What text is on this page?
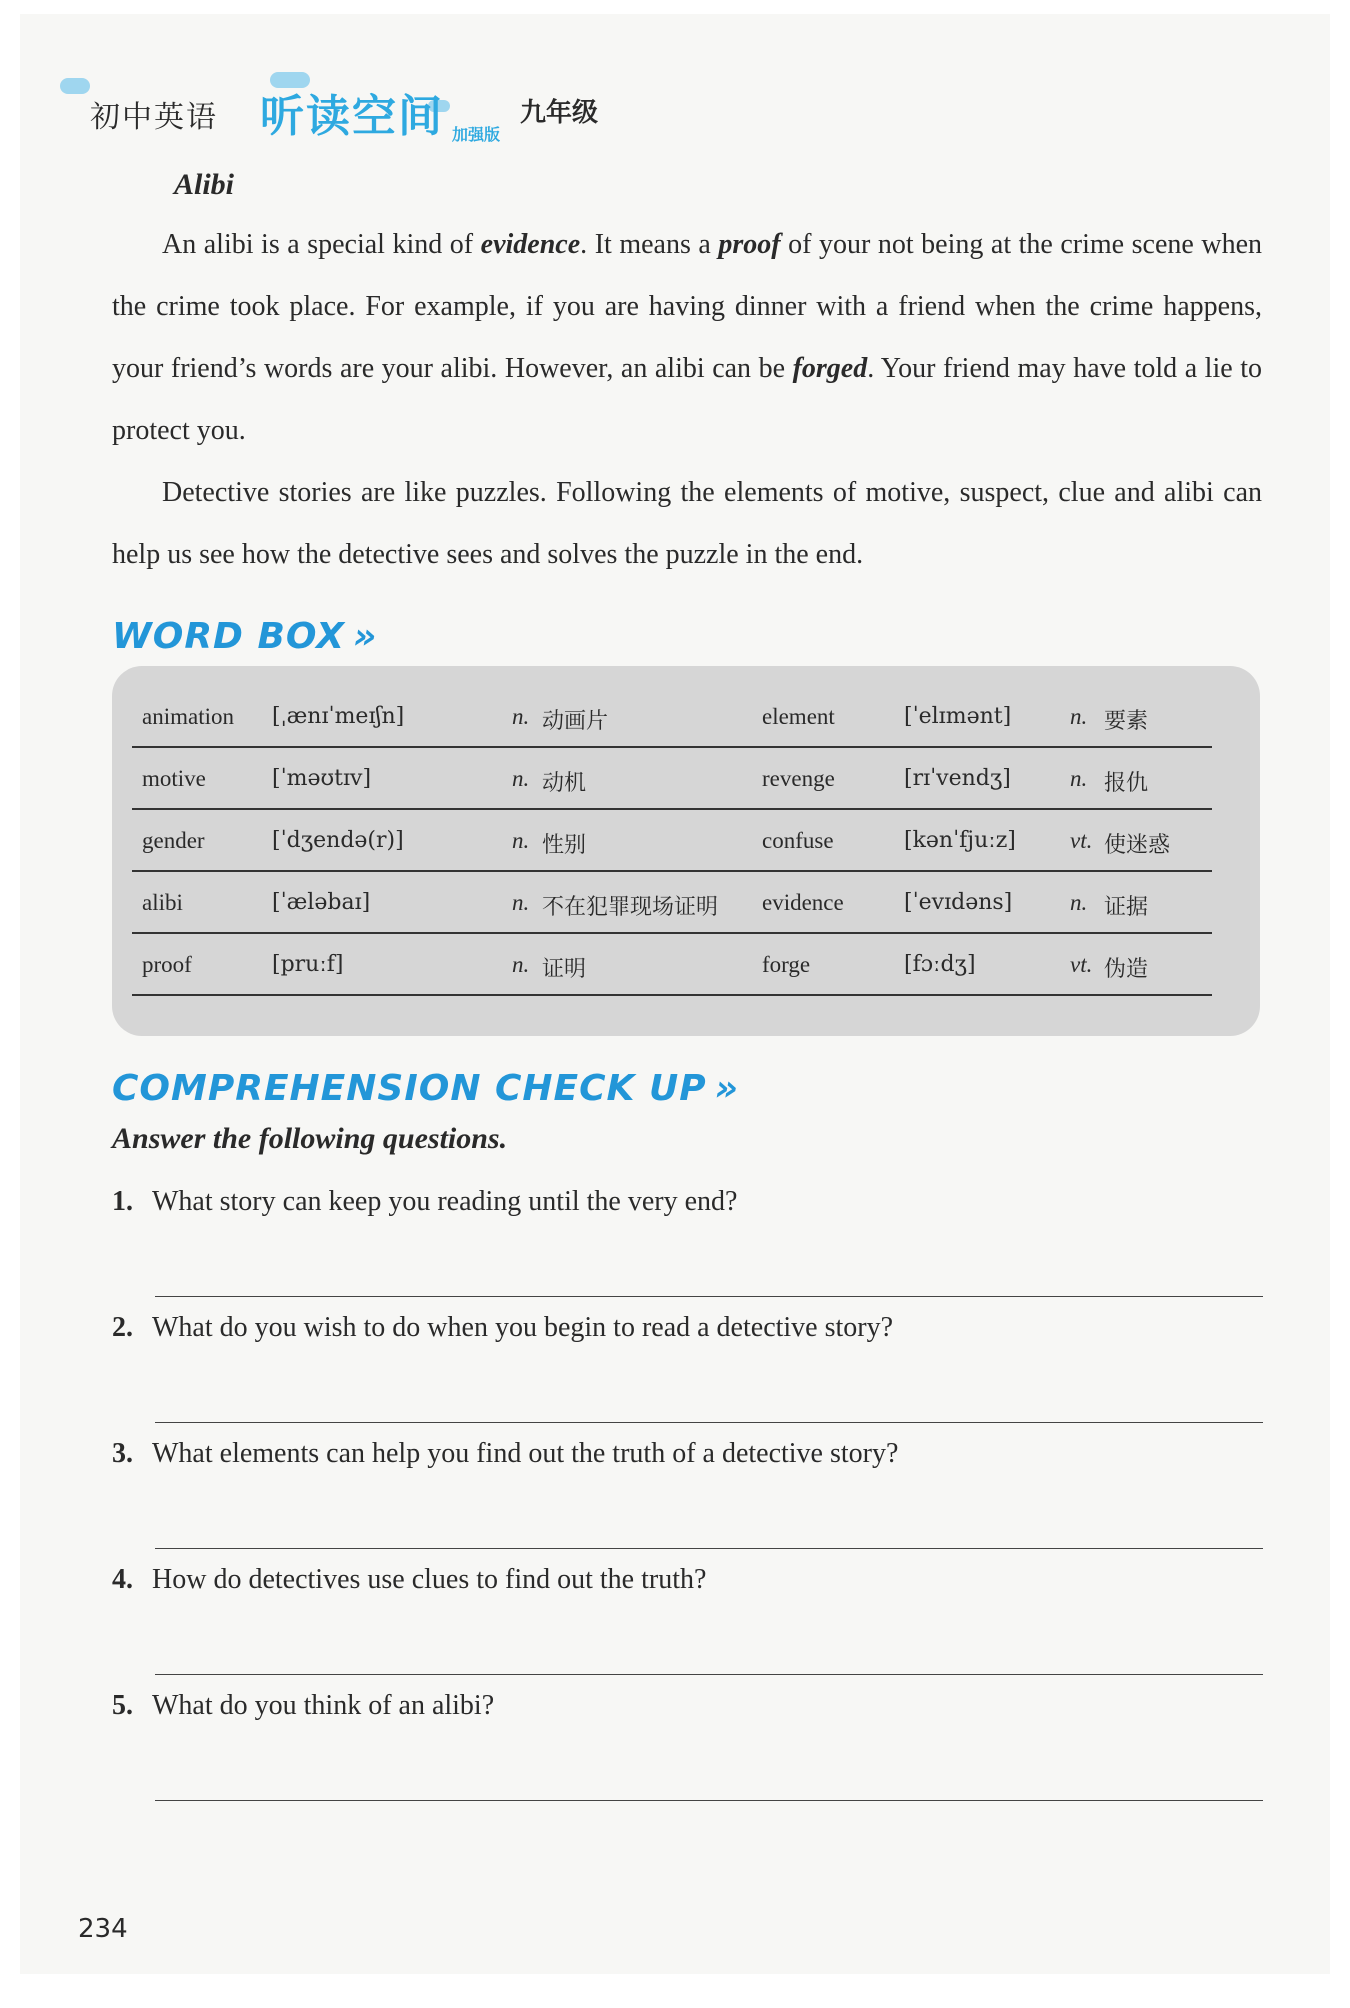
初中英语 听读空间 加强版
九年级
Alibi
An alibi is a special kind of evidence. It means a proof of your not being at the crime scene when the crime took place. For example, if you are having dinner with a friend when the crime happens, your friend’s words are your alibi. However, an alibi can be forged. Your friend may have told a lie to protect you.
Detective stories are like puzzles. Following the elements of motive, suspect, clue and alibi can help us see how the detective sees and solves the puzzle in the end.
WORD BOX »
animation [ˌænɪˈmeɪʃn]	n. 动画片	element	[ˈelɪmənt]	n. 要素
motive	[ˈməʊtɪv]	n. 动机	revenge	[rɪˈvendʒ]	n. 报仇
gender	[ˈdʒendə(r)]	n. 性别	confuse	[kənˈfjuːz] vt. 使迷惑
alibi	[ˈæləbaɪ]	n. 不在犯罪现场证明 evidence	[ˈevɪdəns]	n. 证据
proof	[pruːf]	n. 证明	forge	[fɔːdʒ]	vt. 伪造
COMPREHENSION CHECK UP »
Answer the following questions.
1. What story can keep you reading until the very end?
2. What do you wish to do when you begin to read a detective story?
3. What elements can help you find out the truth of a detective story?
4. How do detectives use clues to find out the truth?
5. What do you think of an alibi?
234
